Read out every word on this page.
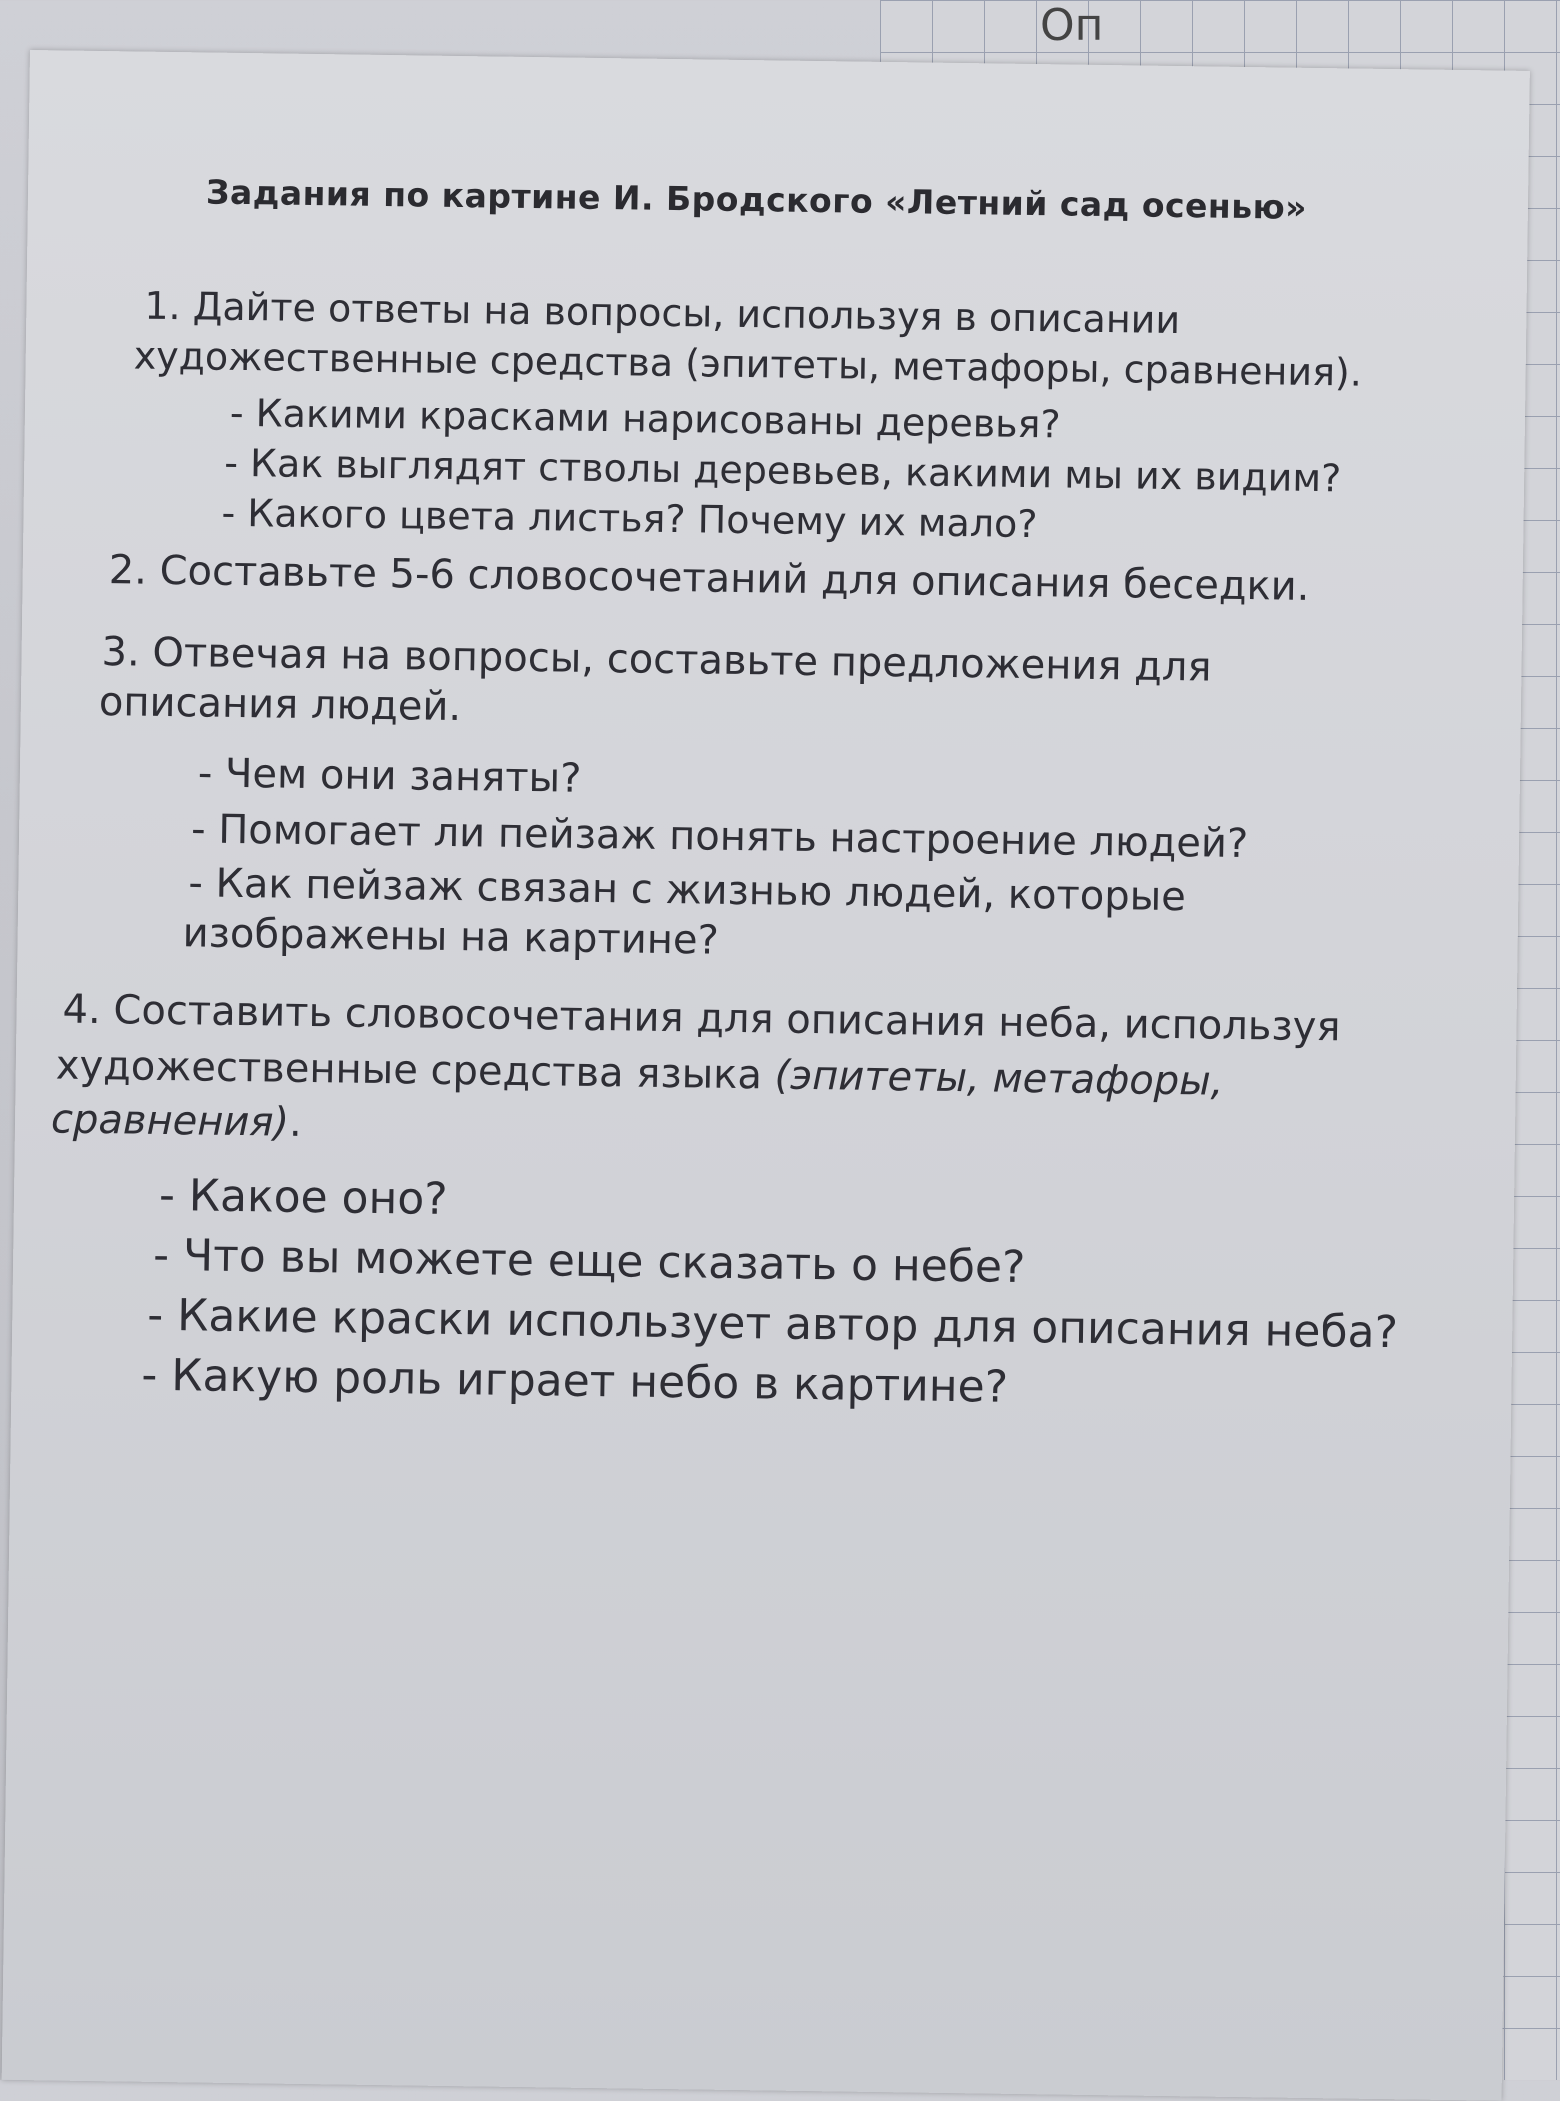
Оп
Задания по картине И. Бродского «Летний сад осенью»
1. Дайте ответы на вопросы, используя в описании
художественные средства (эпитеты, метафоры, сравнения).
- Какими красками нарисованы деревья?
- Как выглядят стволы деревьев, какими мы их видим?
- Какого цвета листья? Почему их мало?
2. Составьте 5-6 словосочетаний для описания беседки.
3. Отвечая на вопросы, составьте предложения для
описания людей.
- Чем они заняты?
- Помогает ли пейзаж понять настроение людей?
- Как пейзаж связан с жизнью людей, которые
изображены на картине?
4. Составить словосочетания для описания неба, используя
художественные средства языка (эпитеты, метафоры,
сравнения).
- Какое оно?
- Что вы можете еще сказать о небе?
- Какие краски использует автор для описания неба?
- Какую роль играет небо в картине?
